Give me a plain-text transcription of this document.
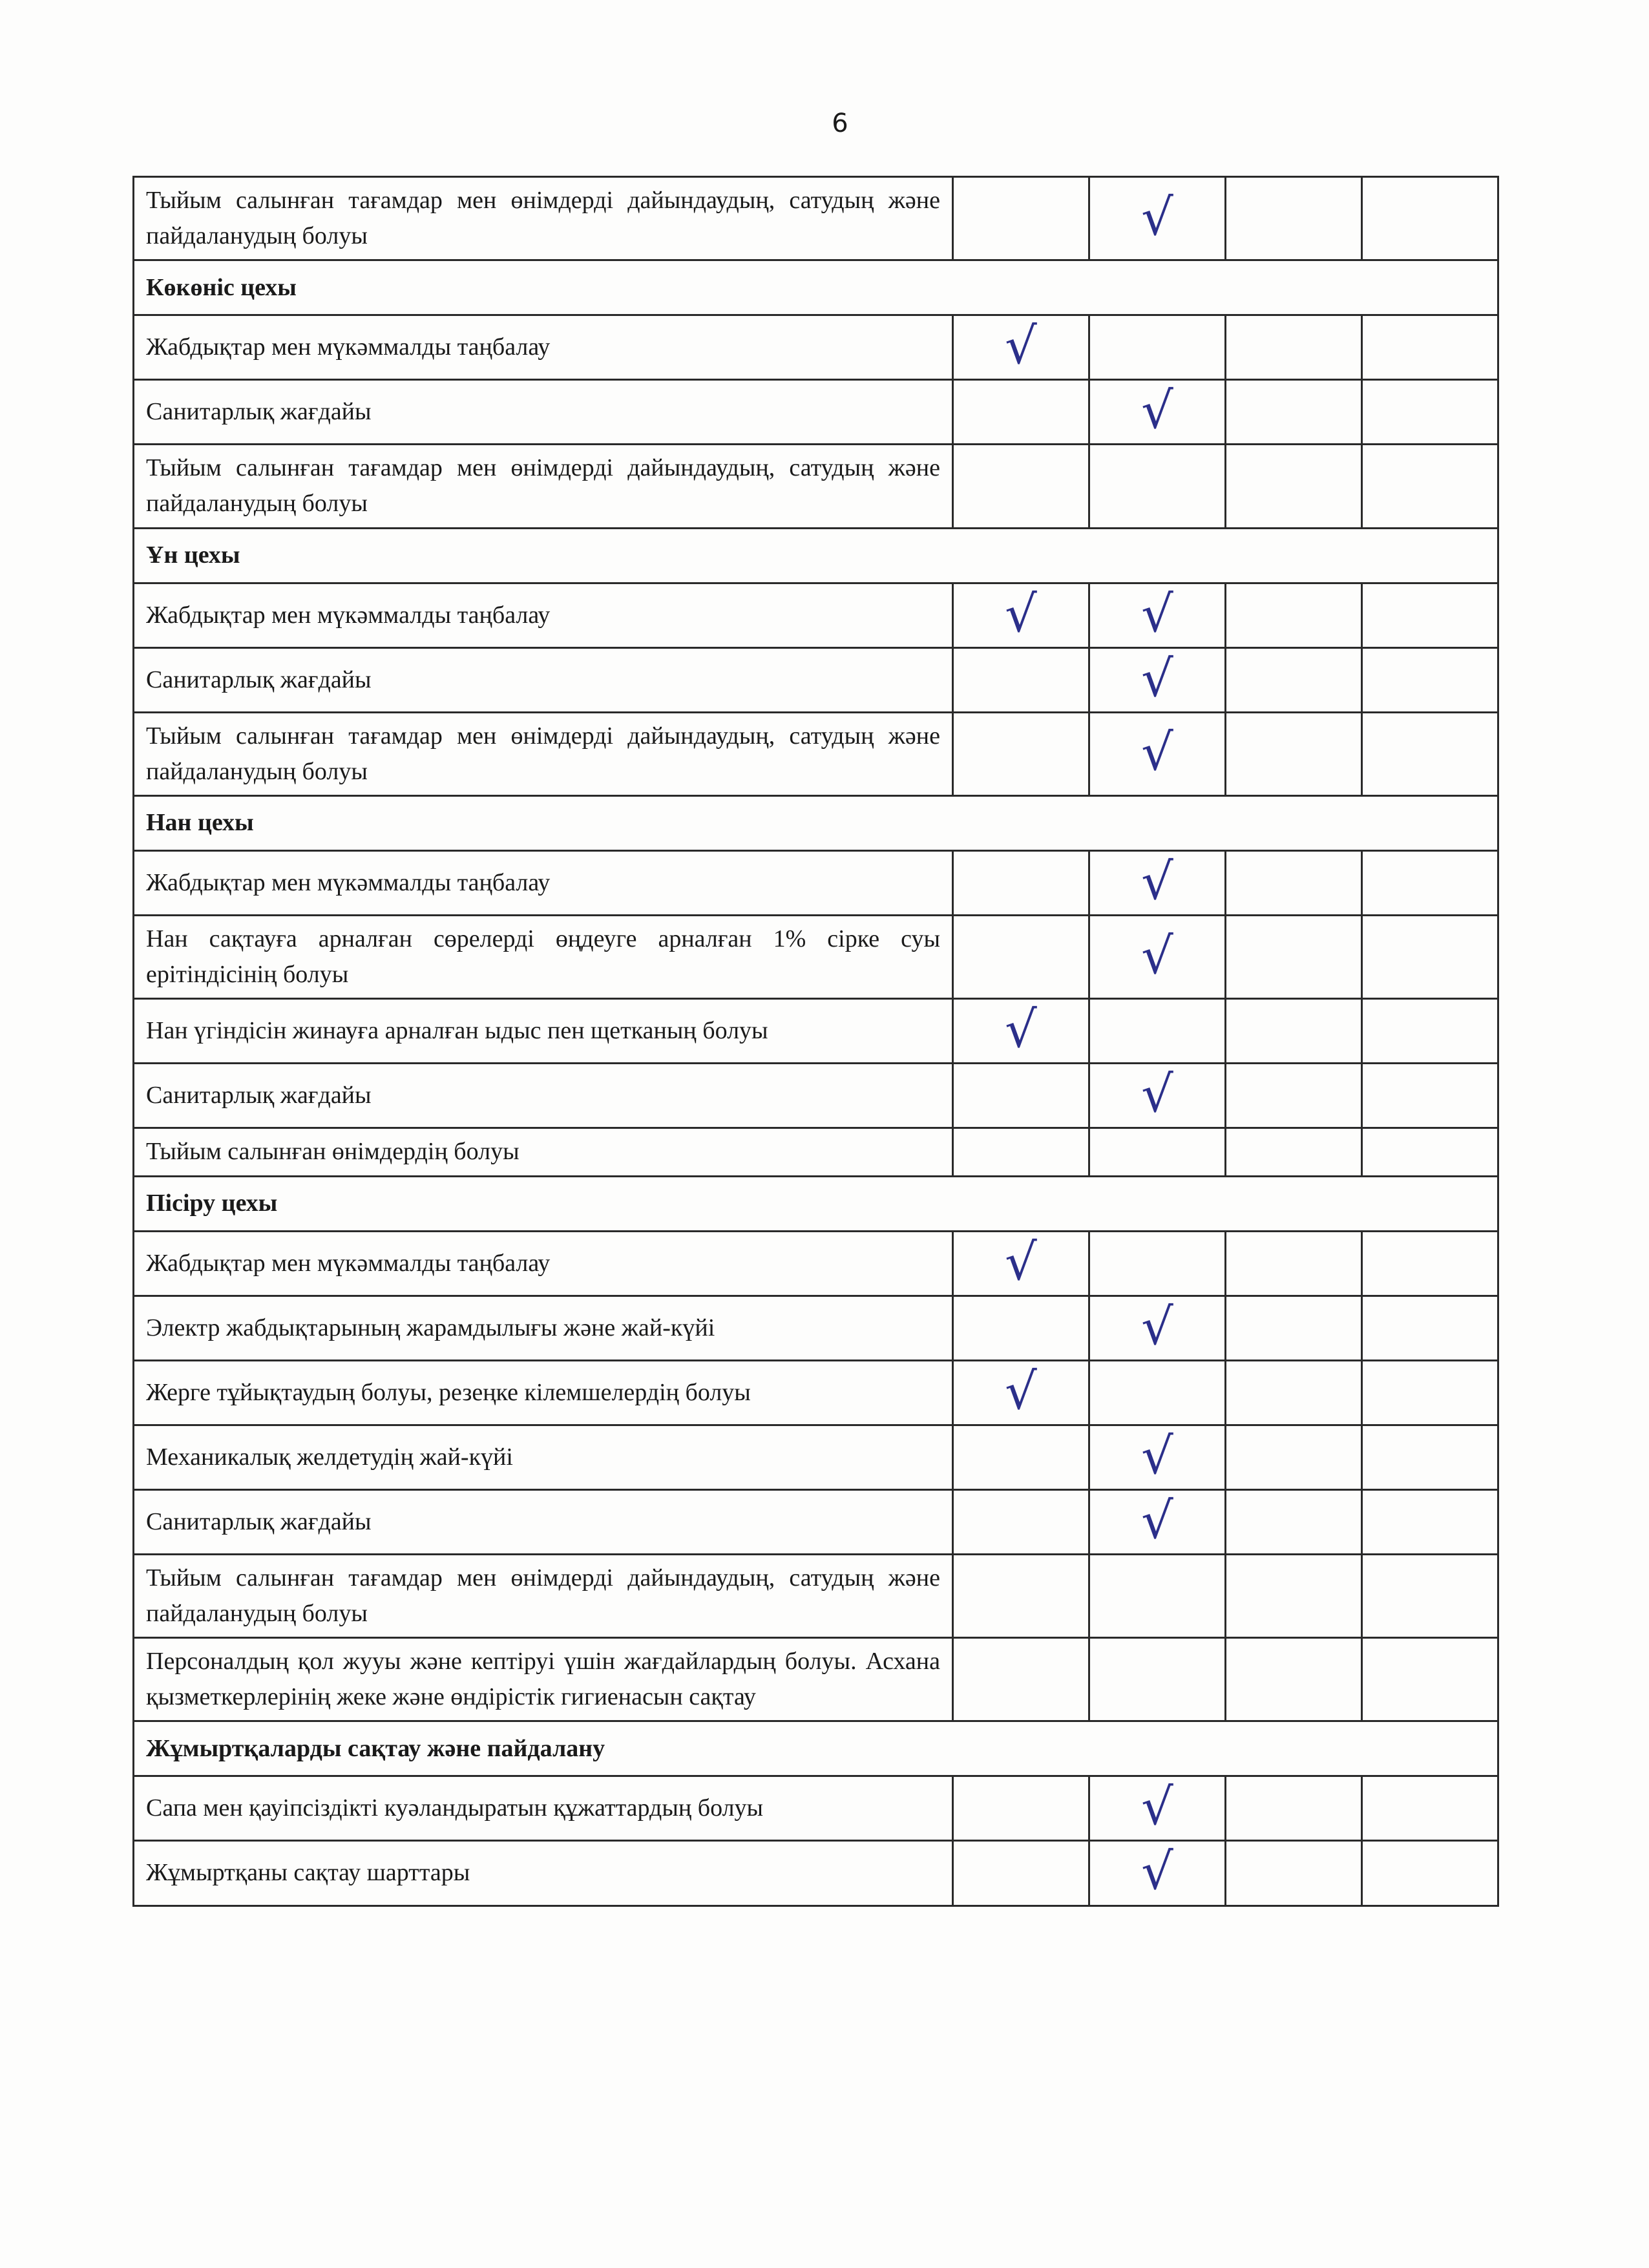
6
Тыйым салынған тағамдар мен өнімдерді дайындаудың, сатудың және пайдаланудың болуы		√		
Көкөніс цехы				
Жабдықтар мен мүкәммалды таңбалау	√			
Санитарлық жағдайы		√		
Тыйым салынған тағамдар мен өнімдерді дайындаудың, сатудың және пайдаланудың болуы				
Ұн цехы				
Жабдықтар мен мүкәммалды таңбалау	√	√		
Санитарлық жағдайы		√		
Тыйым салынған тағамдар мен өнімдерді дайындаудың, сатудың және пайдаланудың болуы		√		
Нан цехы				
Жабдықтар мен мүкәммалды таңбалау		√		
Нан сақтауға арналған сөрелерді өңдеуге арналған 1% сірке суы ерітіндісінің болуы		√		
Нан үгіндісін жинауға арналған ыдыс пен щетканың болуы	√			
Санитарлық жағдайы		√		
Тыйым салынған өнімдердің болуы				
Пісіру цехы				
Жабдықтар мен мүкәммалды таңбалау	√			
Электр жабдықтарының жарамдылығы және жай-күйі		√		
Жерге тұйықтаудың болуы, резеңке кілемшелердің болуы	√			
Механикалық желдетудің жай-күйі		√		
Санитарлық жағдайы		√		
Тыйым салынған тағамдар мен өнімдерді дайындаудың, сатудың және пайдаланудың болуы				
Персоналдың қол жууы және кептіруі үшін жағдайлардың болуы. Асхана қызметкерлерінің жеке және өндірістік гигиенасын сақтау				
Жұмыртқаларды сақтау және пайдалану				
Сапа мен қауіпсіздікті куәландыратын құжаттардың болуы		√		
Жұмыртқаны сақтау шарттары		√		
